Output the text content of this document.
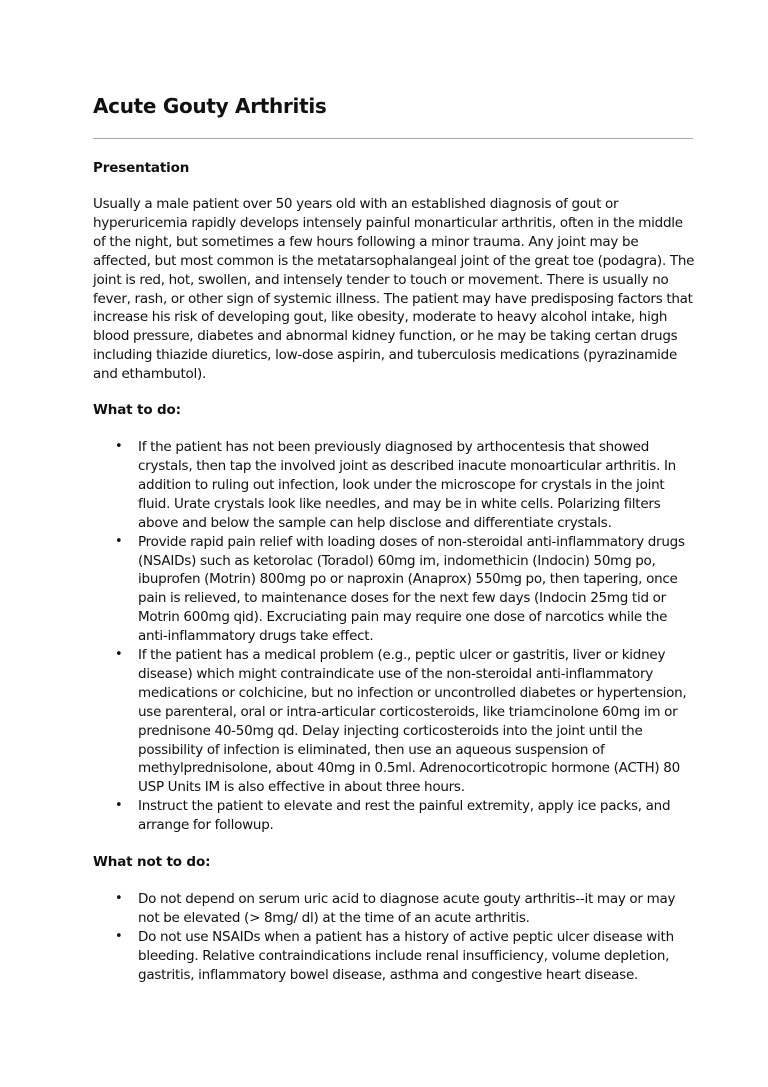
Acute Gouty Arthritis
Presentation

Usually a male patient over 50 years old with an established diagnosis of gout or hyperuricemia rapidly develops intensely painful monarticular arthritis, often in the middle of the night, but sometimes a few hours following a minor trauma. Any joint may be affected, but most common is the metatarsophalangeal joint of the great toe (podagra). The joint is red, hot, swollen, and intensely tender to touch or movement. There is usually no fever, rash, or other sign of systemic illness. The patient may have predisposing factors that increase his risk of developing gout, like obesity, moderate to heavy alcohol intake, high blood pressure, diabetes and abnormal kidney function, or he may be taking certan drugs including thiazide diuretics, low-dose aspirin, and tuberculosis medications (pyrazinamide and ethambutol).

What to do:
• If the patient has not been previously diagnosed by arthocentesis that showed crystals, then tap the involved joint as described inacute monoarticular arthritis. In addition to ruling out infection, look under the microscope for crystals in the joint fluid. Urate crystals look like needles, and may be in white cells. Polarizing filters above and below the sample can help disclose and differentiate crystals.
• Provide rapid pain relief with loading doses of non-steroidal anti-inflammatory drugs (NSAIDs) such as ketorolac (Toradol) 60mg im, indomethicin (Indocin) 50mg po, ibuprofen (Motrin) 800mg po or naproxin (Anaprox) 550mg po, then tapering, once pain is relieved, to maintenance doses for the next few days (Indocin 25mg tid or Motrin 600mg qid). Excruciating pain may require one dose of narcotics while the anti-inflammatory drugs take effect.
• If the patient has a medical problem (e.g., peptic ulcer or gastritis, liver or kidney disease) which might contraindicate use of the non-steroidal anti-inflammatory medications or colchicine, but no infection or uncontrolled diabetes or hypertension, use parenteral, oral or intra-articular corticosteroids, like triamcinolone 60mg im or prednisone 40-50mg qd. Delay injecting corticosteroids into the joint until the possibility of infection is eliminated, then use an aqueous suspension of methylprednisolone, about 40mg in 0.5ml. Adrenocorticotropic hormone (ACTH) 80 USP Units IM is also effective in about three hours.
• Instruct the patient to elevate and rest the painful extremity, apply ice packs, and arrange for followup.
What not to do:
• Do not depend on serum uric acid to diagnose acute gouty arthritis--it may or may not be elevated (> 8mg/ dl) at the time of an acute arthritis.
• Do not use NSAIDs when a patient has a history of active peptic ulcer disease with bleeding. Relative contraindications include renal insufficiency, volume depletion, gastritis, inflammatory bowel disease, asthma and congestive heart disease.
